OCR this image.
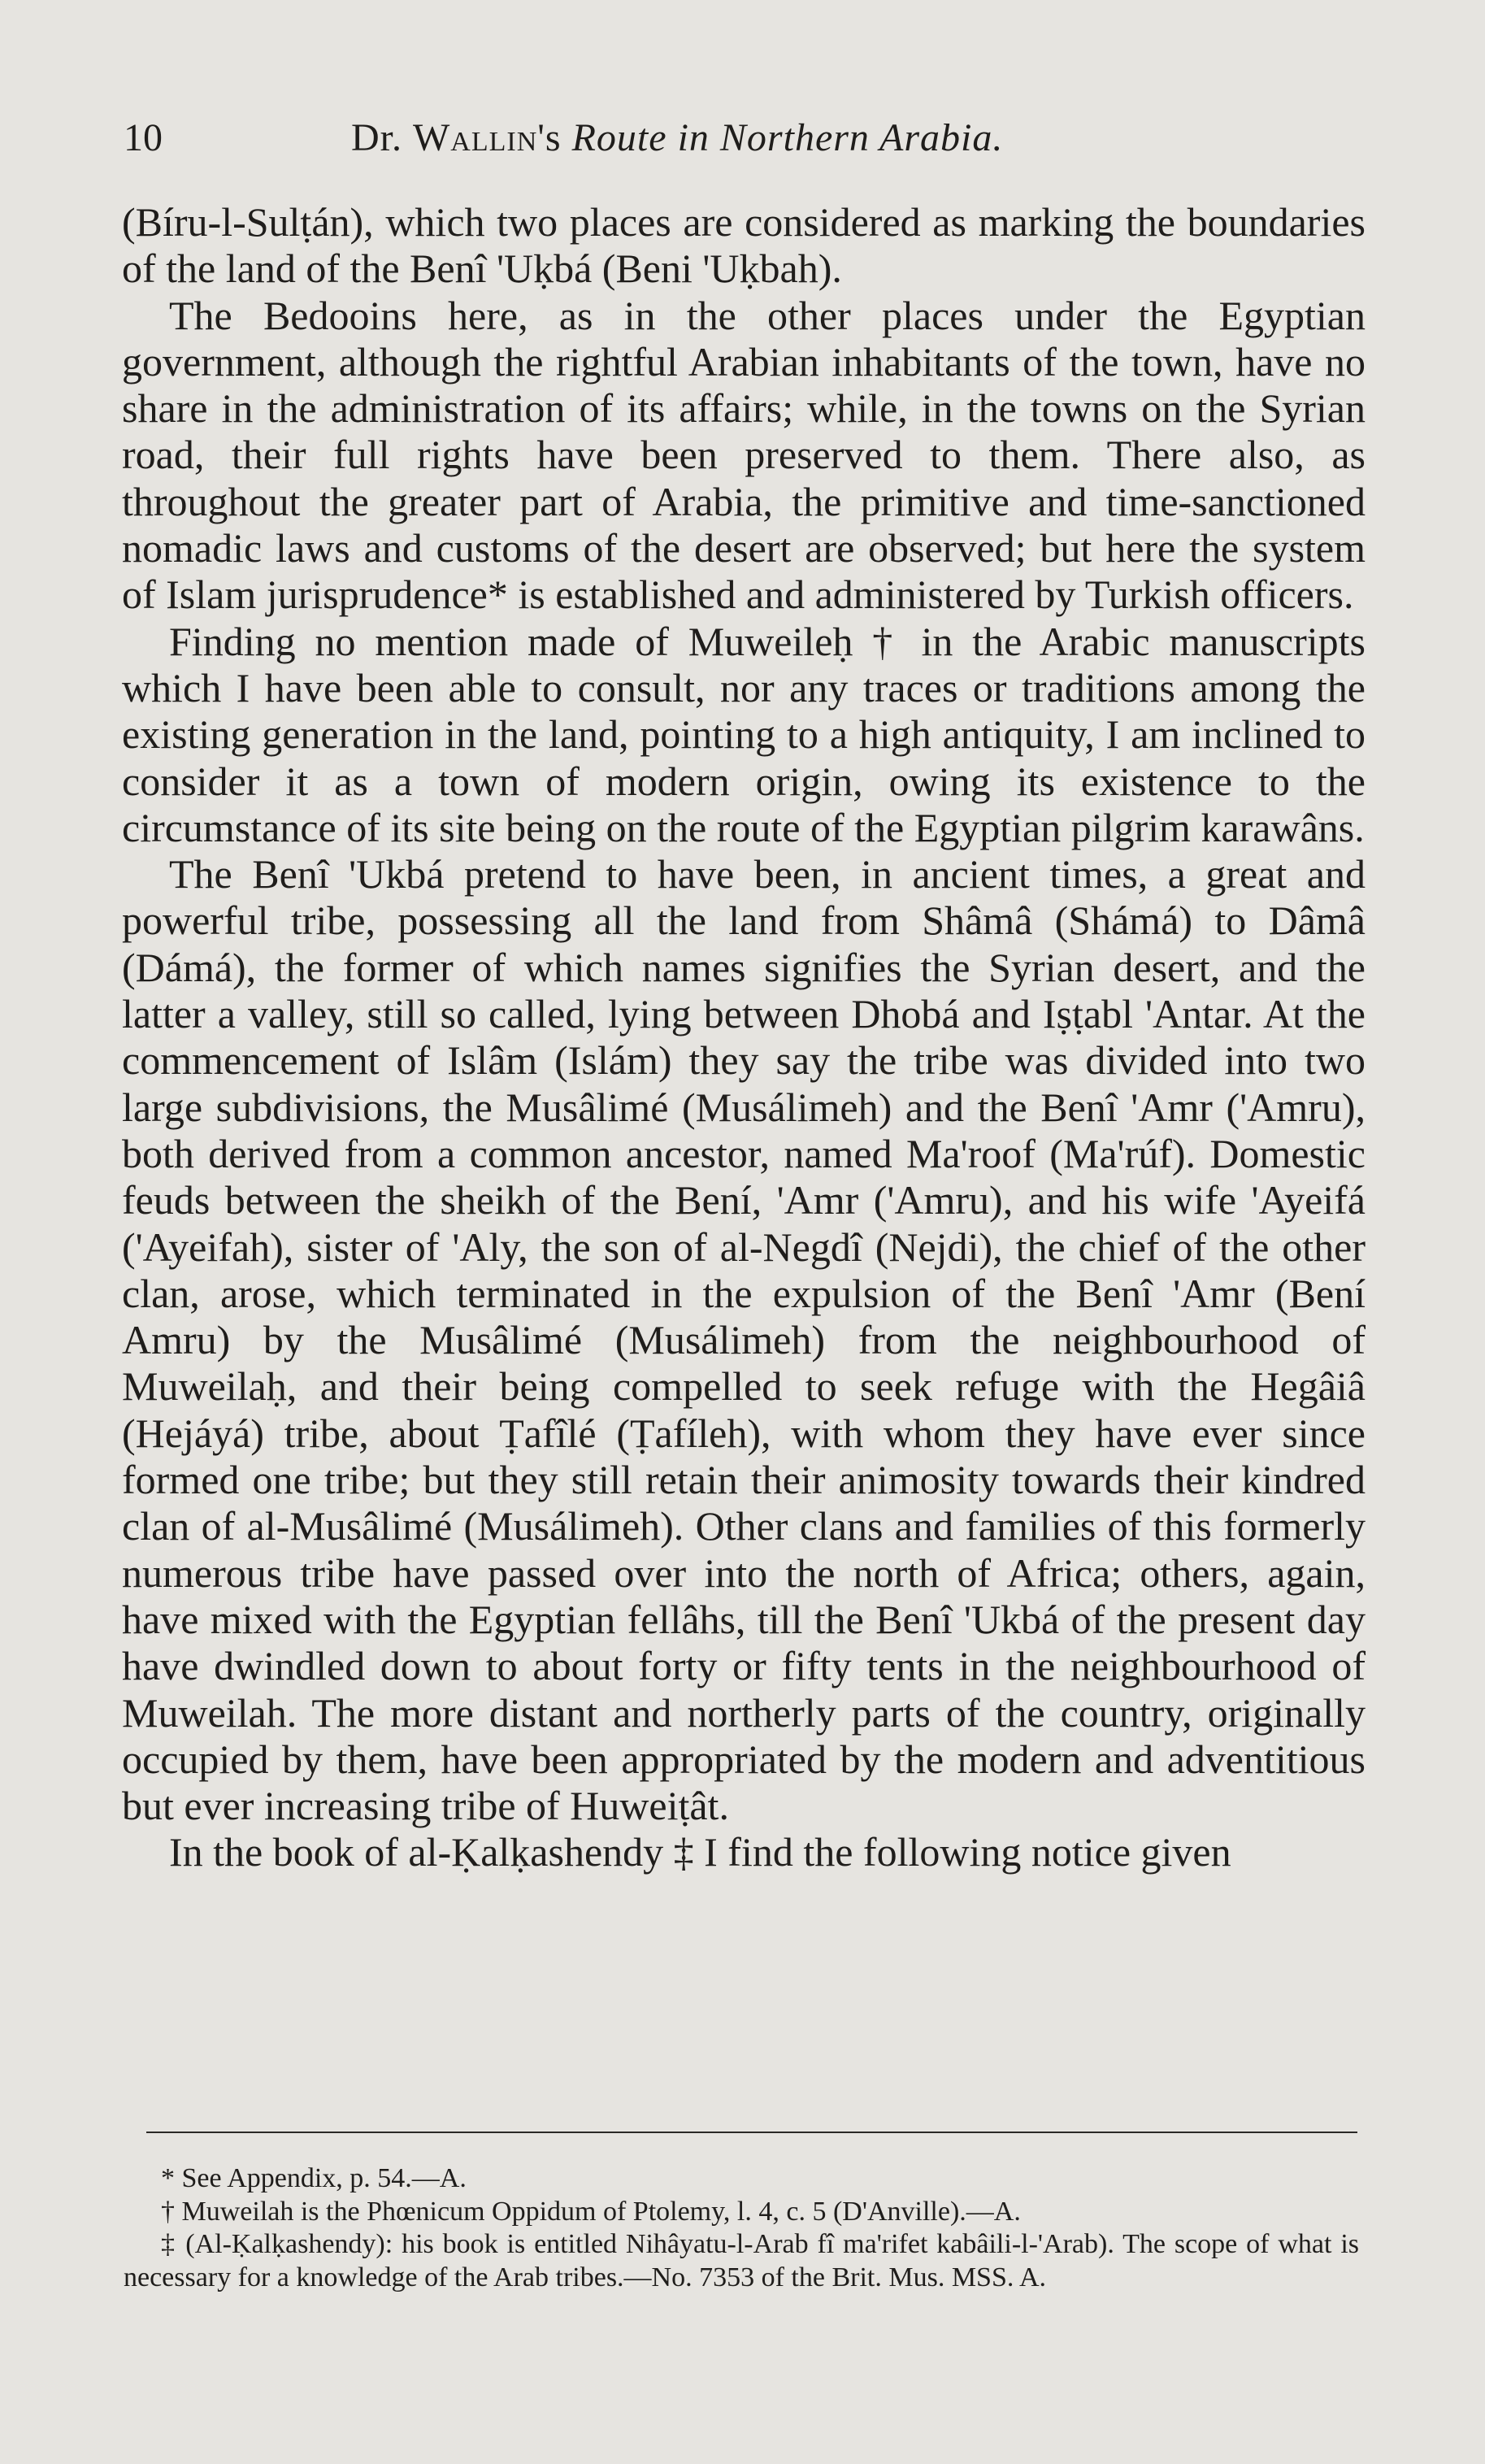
10	Dr. Wallin's Route in Northern Arabia.

(Bíru-l-Sulṭán), which two places are considered as marking the boundaries of the land of the Benî 'Uḳbá (Beni 'Uḳbah).

The Bedooins here, as in the other places under the Egyptian government, although the rightful Arabian inhabitants of the town, have no share in the administration of its affairs; while, in the towns on the Syrian road, their full rights have been preserved to them. There also, as throughout the greater part of Arabia, the primitive and time-sanctioned nomadic laws and customs of the desert are observed; but here the system of Islam jurisprudence* is established and administered by Turkish officers.

Finding no mention made of Muweileḥ † in the Arabic manuscripts which I have been able to consult, nor any traces or traditions among the existing generation in the land, pointing to a high antiquity, I am inclined to consider it as a town of modern origin, owing its existence to the circumstance of its site being on the route of the Egyptian pilgrim karawâns.

The Benî 'Ukbá pretend to have been, in ancient times, a great and powerful tribe, possessing all the land from Shâmâ (Shámá) to Dâmâ (Dámá), the former of which names signifies the Syrian desert, and the latter a valley, still so called, lying between Dhobá and Iṣṭabl 'Antar. At the commencement of Islâm (Islám) they say the tribe was divided into two large subdivisions, the Musâlimé (Musálimeh) and the Benî 'Amr ('Amru), both derived from a common ancestor, named Ma'roof (Ma'rúf). Domestic feuds between the sheikh of the Bení, 'Amr ('Amru), and his wife 'Ayeifá ('Ayeifah), sister of 'Aly, the son of al-Negdî (Nejdi), the chief of the other clan, arose, which terminated in the expulsion of the Benî 'Amr (Bení Amru) by the Musâlimé (Musálimeh) from the neighbourhood of Muweilaḥ, and their being compelled to seek refuge with the Hegâiâ (Hejáyá) tribe, about Ṭafîlé (Ṭafíleh), with whom they have ever since formed one tribe; but they still retain their animosity towards their kindred clan of al-Musâlimé (Musálimeh). Other clans and families of this formerly numerous tribe have passed over into the north of Africa; others, again, have mixed with the Egyptian fellâhs, till the Benî 'Ukbá of the present day have dwindled down to about forty or fifty tents in the neighbourhood of Muweilah. The more distant and northerly parts of the country, originally occupied by them, have been appropriated by the modern and adventitious but ever increasing tribe of Huweiṭât.

In the book of al-Ḳalḳashendy ‡ I find the following notice given

* See Appendix, p. 54.—A.

† Muweilah is the Phœnicum Oppidum of Ptolemy, l. 4, c. 5 (D'Anville).—A.

‡ (Al-Ḳalḳashendy): his book is entitled Nihâyatu-l-Arab fî ma'rifet kabâili-l-'Arab). The scope of what is necessary for a knowledge of the Arab tribes.—No. 7353 of the Brit. Mus. MSS. A.
